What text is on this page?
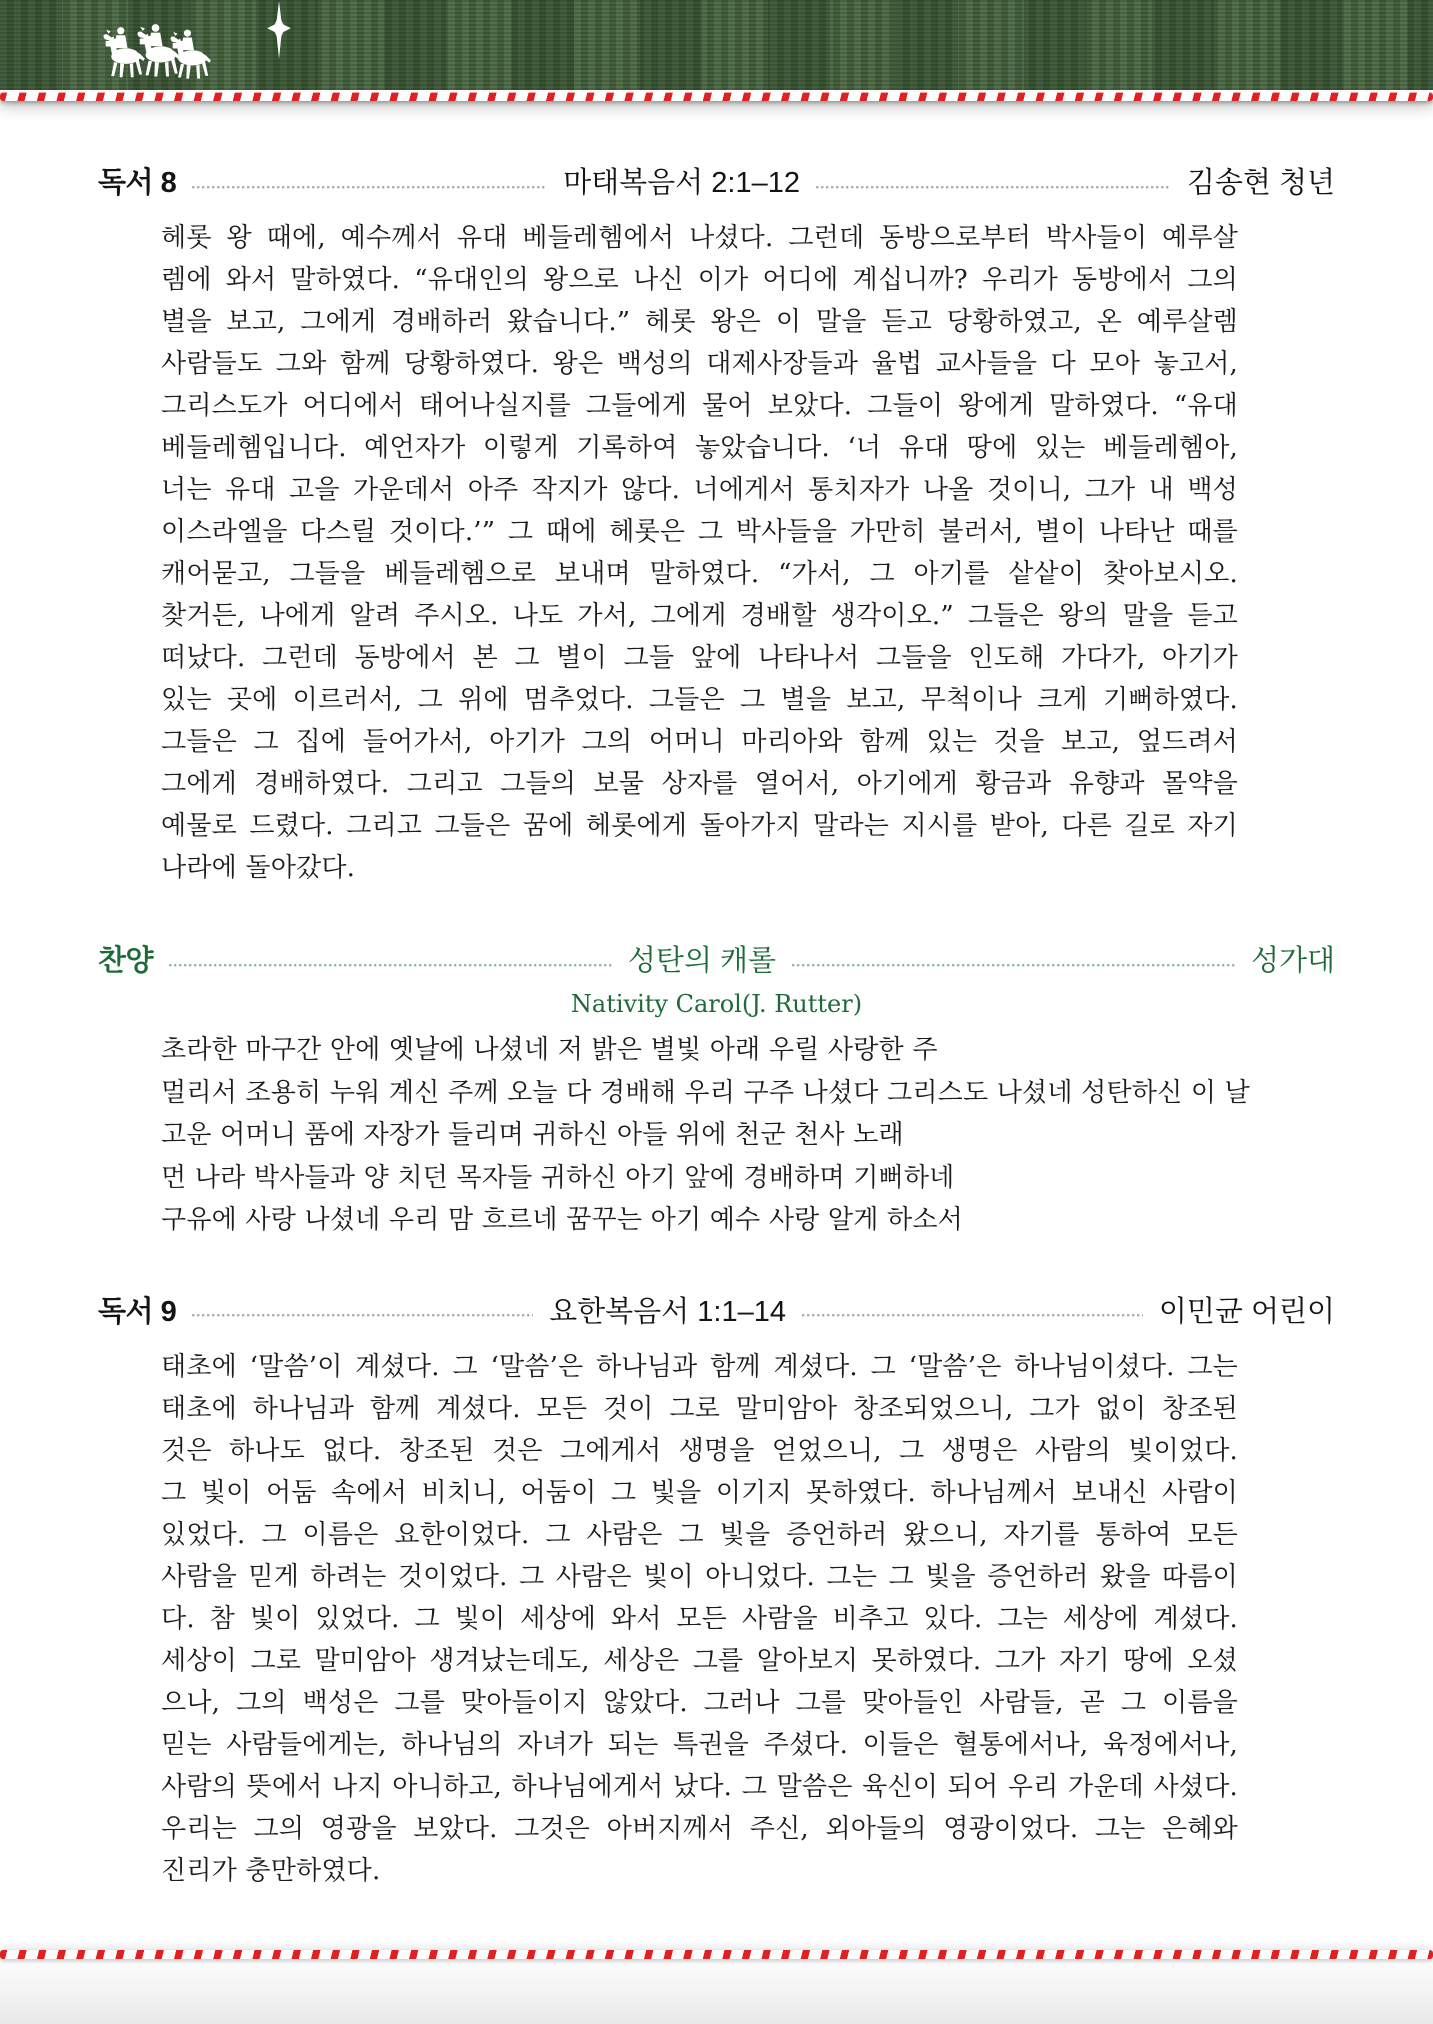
독서 8	마태복음서 2:1–12	김송현 청년
헤롯 왕 때에, 예수께서 유대 베들레헴에서 나셨다. 그런데 동방으로부터 박사들이 예루살
렘에 와서 말하였다. “유대인의 왕으로 나신 이가 어디에 계십니까? 우리가 동방에서 그의
별을 보고, 그에게 경배하러 왔습니다.” 헤롯 왕은 이 말을 듣고 당황하였고, 온 예루살렘
사람들도 그와 함께 당황하였다. 왕은 백성의 대제사장들과 율법 교사들을 다 모아 놓고서,
그리스도가 어디에서 태어나실지를 그들에게 물어 보았다. 그들이 왕에게 말하였다. “유대
베들레헴입니다. 예언자가 이렇게 기록하여 놓았습니다. ‘너 유대 땅에 있는 베들레헴아,
너는 유대 고을 가운데서 아주 작지가 않다. 너에게서 통치자가 나올 것이니, 그가 내 백성
이스라엘을 다스릴 것이다.’” 그 때에 헤롯은 그 박사들을 가만히 불러서, 별이 나타난 때를
캐어묻고, 그들을 베들레헴으로 보내며 말하였다. “가서, 그 아기를 샅샅이 찾아보시오.
찾거든, 나에게 알려 주시오. 나도 가서, 그에게 경배할 생각이오.” 그들은 왕의 말을 듣고
떠났다. 그런데 동방에서 본 그 별이 그들 앞에 나타나서 그들을 인도해 가다가, 아기가
있는 곳에 이르러서, 그 위에 멈추었다. 그들은 그 별을 보고, 무척이나 크게 기뻐하였다.
그들은 그 집에 들어가서, 아기가 그의 어머니 마리아와 함께 있는 것을 보고, 엎드려서
그에게 경배하였다. 그리고 그들의 보물 상자를 열어서, 아기에게 황금과 유향과 몰약을
예물로 드렸다. 그리고 그들은 꿈에 헤롯에게 돌아가지 말라는 지시를 받아, 다른 길로 자기
나라에 돌아갔다.
찬양	성탄의 캐롤	성가대
Nativity Carol(J. Rutter)
초라한 마구간 안에 옛날에 나셨네 저 밝은 별빛 아래 우릴 사랑한 주
멀리서 조용히 누워 계신 주께 오늘 다 경배해 우리 구주 나셨다 그리스도 나셨네 성탄하신 이 날
고운 어머니 품에 자장가 들리며 귀하신 아들 위에 천군 천사 노래
먼 나라 박사들과 양 치던 목자들 귀하신 아기 앞에 경배하며 기뻐하네
구유에 사랑 나셨네 우리 맘 흐르네 꿈꾸는 아기 예수 사랑 알게 하소서
독서 9	요한복음서 1:1–14	이민균 어린이
태초에 ‘말씀’이 계셨다. 그 ‘말씀’은 하나님과 함께 계셨다. 그 ‘말씀’은 하나님이셨다. 그는
태초에 하나님과 함께 계셨다. 모든 것이 그로 말미암아 창조되었으니, 그가 없이 창조된
것은 하나도 없다. 창조된 것은 그에게서 생명을 얻었으니, 그 생명은 사람의 빛이었다.
그 빛이 어둠 속에서 비치니, 어둠이 그 빛을 이기지 못하였다. 하나님께서 보내신 사람이
있었다. 그 이름은 요한이었다. 그 사람은 그 빛을 증언하러 왔으니, 자기를 통하여 모든
사람을 믿게 하려는 것이었다. 그 사람은 빛이 아니었다. 그는 그 빛을 증언하러 왔을 따름이
다. 참 빛이 있었다. 그 빛이 세상에 와서 모든 사람을 비추고 있다. 그는 세상에 계셨다.
세상이 그로 말미암아 생겨났는데도, 세상은 그를 알아보지 못하였다. 그가 자기 땅에 오셨
으나, 그의 백성은 그를 맞아들이지 않았다. 그러나 그를 맞아들인 사람들, 곧 그 이름을
믿는 사람들에게는, 하나님의 자녀가 되는 특권을 주셨다. 이들은 혈통에서나, 육정에서나,
사람의 뜻에서 나지 아니하고, 하나님에게서 났다. 그 말씀은 육신이 되어 우리 가운데 사셨다.
우리는 그의 영광을 보았다. 그것은 아버지께서 주신, 외아들의 영광이었다. 그는 은혜와
진리가 충만하였다.
